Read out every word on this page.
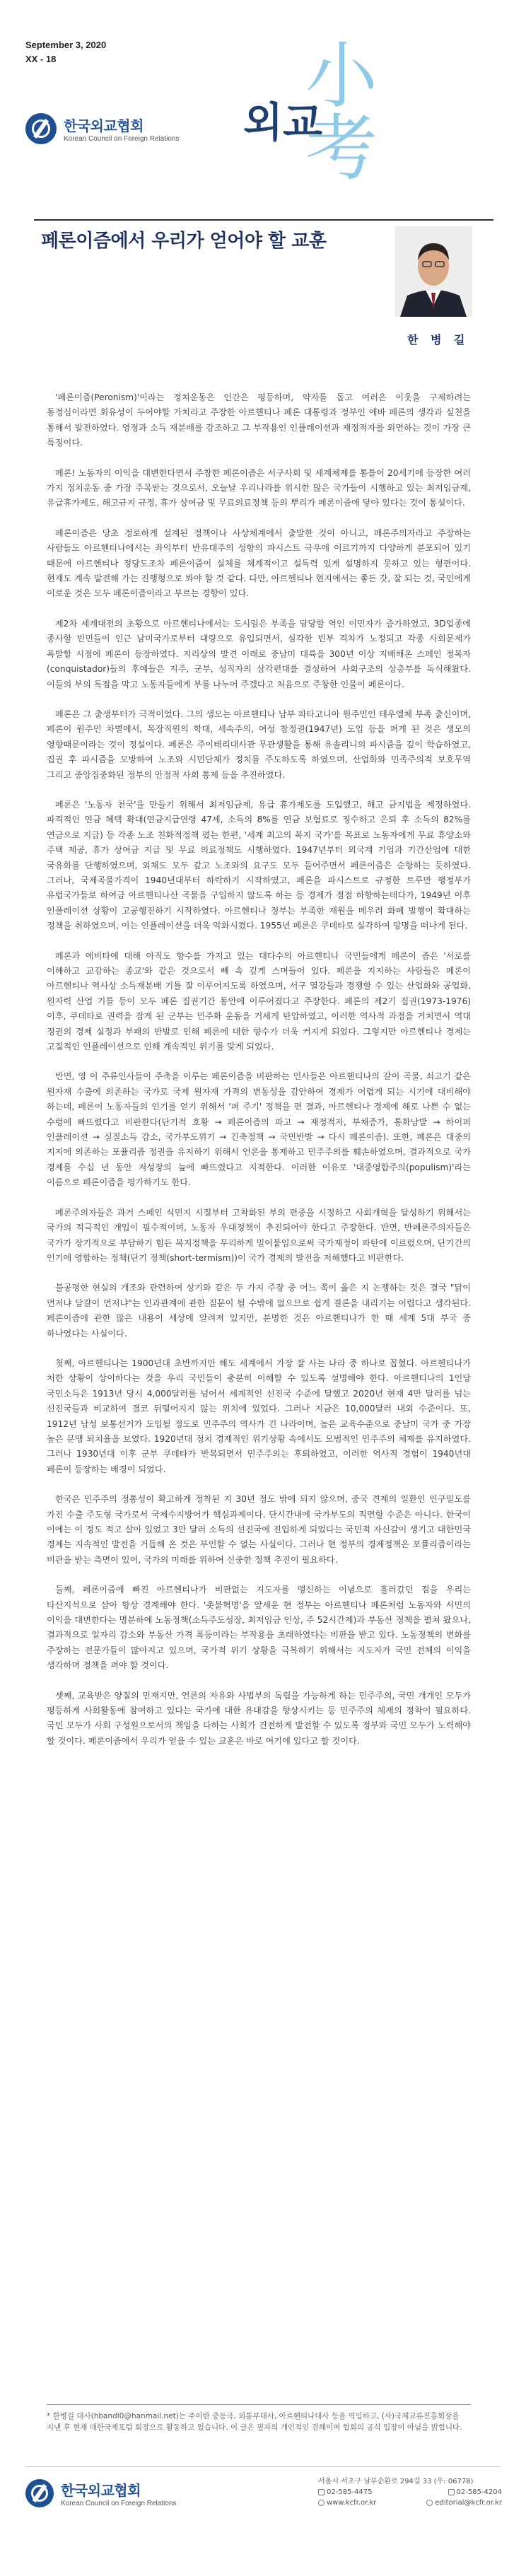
September 3, 2020
XX - 18
한국외교협회
Korean Council on Foreign Relations
小考
외교
페론이즘에서 우리가 얻어야 할 교훈
한 병 길

'페론이즘(Peronism)'이라는 정치운동은 인간은 평등하며, 약자를 돕고 여러은 이웃을 구제하려는 동정심이라면 회유성이 두어야할 가치라고 주장한 아르헨티나 페론 대통령과 정부인 에바 페론의 생각과 실천을 통해서 발전하였다. 영정과 소득 재분배를 강조하고 그 부작용인 인플레이션과 재정적자를 외면하는 것이 가장 큰 특징이다.

페론! 노동자의 이익을 대변한다면서 주창한 페론이즘은 서구사회 및 세계체제를 통틀어 20세기에 등장한 여러 가지 정치운동 중 가장 주목받는 것으로서, 오늘날 우리나라를 위시한 많은 국가들이 시행하고 있는 최저임금제, 유급휴가제도, 해고규지 규정, 휴가 상여금 및 무료의료정책 등의 뿌리가 페론이즘에 닿아 있다는 것이 통설이다.

페론이즘은 당초 정로하게 설계된 정책이나 사상체계에서 출발한 것이 아니고, 페론주의자라고 주장하는 사람들도 아르헨티나에서는 좌익부터 반유대주의 성향의 파시스트 극우에 이르기까지 다양하게 분포되어 있기 때문에 아르헨티나 정당도조차 페론이즘이 실체를 체계적이고 설득력 있게 설명하지 못하고 있는 형편이다. 현재도 계속 발전해 가는 진행형으로 봐야 할 것 같다. 다만, 아르헨티나 현지에서는 좋든 갓, 잘 되는 것, 국민에게 이로운 것은 모두 페론이즘이라고 부르는 경향이 있다.

제2차 세계대전의 초황으로 아르헨티나에서는 도시임은 부족을 담당할 역인 이민자가 증가하였고, 3D업종에 종사할 빈민들이 인근 남미국가로부터 대량으로 유입되면서, 심각한 빈부 격차가 노정되고 각종 사회문제가 폭발할 시점에 페론이 등장하였다. 지리상의 발견 이래로 중남미 대륙을 300년 이상 지배해온 스페인 정복자(conquistador)들의 후예들은 지주, 군부, 성직자의 삼각편대를 결성하여 사회구조의 상층부를 독식해왔다. 이들의 부의 독점을 막고 노동자들에게 부를 나누어 주겠다고 처음으로 주창한 인물이 페론이다.

페론은 그 출생부터가 극적이었다. 그의 생모는 아르헨티나 남부 파타고니아 원주민인 테우엘체 부족 출신이며, 페론이 원주민 차별에서, 목장직원의 학대, 세속주의, 여성 참정권(1947년) 도입 등을 펴게 된 것은 생모의 영향때문이라는 것이 정설이다. 페론은 주이테리대사관 무관생활을 통해 유솔리니의 파시즘을 깊이 학습하였고, 집권 후 파시즘을 모방하여 노조와 시민단체가 정치를 주도하도록 하였으며, 산업화와 민족주의적 보호무역 그리고 중앙집중화된 정부의 안정적 사회 통제 등을 추진하였다.

페론은 '노동자 천국'을 만들기 위해서 최저임금제, 유급 휴가제도를 도입했고, 해고 금지법을 제정하였다. 파격적인 연금 혜택 확대(연금지급연령 47세, 소득의 8%를 연금 보험료로 징수하고 은퇴 후 소득의 82%를 연금으로 지급) 등 각종 노조 친화적정책 폈는 한편, '세계 최고의 복지 국가'를 목표로 노동자에게 무료 휴양소와 주택 제공, 휴가 상여금 지급 및 무료 의료정책도 시행하였다. 1947년부터 외국계 기업과 기간산업에 대한 국유화를 단행하였으며, 외채도 모두 갚고 노조와의 요구도 모두 들어주면서 페론이즘은 순항하는 듯하였다. 그러나, 국제곡물가격이 1940년대부터 하락하기 시작하였고, 페론을 파시스트로 규정한 트루만 행정부가 유럽국가들로 하여금 아르헨티나산 곡물을 구입하지 않도록 하는 등 경제가 점점 하향하는데다가, 1949년 이후 인플레이션 상황이 고공행진하기 시작하였다. 아르헨티나 정부는 부족한 재원을 메우려 화폐 발행이 확대하는 정책을 취하였으며, 이는 인플레이션을 더욱 악화시켰다. 1955년 페론은 쿠데타로 실각하여 망명을 떠나게 된다.

페론과 에비타에 대해 아직도 향수를 가지고 있는 대다수의 아르헨티나 국민들에게 페론이 즘은 '서로를 이해하고 교감하는 종교'와 같은 것으로서 빼 속 깊게 스며들어 있다. 페론을 지지하는 사람들은 페론이 아르헨티나 역사상 소득재분배 기틀 잘 이루어지도록 하였으며, 서구 열강들과 경쟁할 수 있는 산업화와 공업화, 원자력 산업 기틀 등이 모두 페론 집권기간 동안에 이루어졌다고 주장한다. 페론의 제2기 집권(1973-1976) 이후, 쿠데타로 권력을 잡게 된 군부는 민주화 운동을 거세게 탄압하였고, 이러한 역사적 과정을 거치면서 역대 정권의 경제 실정과 부패의 반발로 인해 페론에 대한 향수가 더욱 커지게 되었다. 그렇지만 아르헨티나 경제는 고질적인 인플레이션으로 인해 계속적인 위기를 맞게 되었다.

반면, 영 이 주류인사들이 주축을 이루는 페론이즘을 비판하는 인사들은 아르헨티나의 갈이 곡물, 쇠고기 같은 원자재 수출에 의존하는 국가로 국제 원자재 가격의 변동성을 감안하여 경제가 어렵게 되는 시기에 대비해야 하는데, 페론이 노동자들의 인기를 얻기 위해서 '퍼 주기' 정책을 편 결과, 아르헨티나 경제에 해로 나쁜 수 없는 수렁에 빠뜨렸다고 비판한다(단기적 호황 → 페론이즘의 파고 → 재정적자, 부채증가, 통화남발 → 하이퍼 인플레이션 → 실질소득 감소, 국가부도위기 → 긴축정책 → 국민반발 → 다시 페론이즘). 또한, 페론은 대중의 지지에 의존하는 포퓰리즘 정권을 유지하기 위해서 언론을 통제하고 민주주의를 훼손하였으며, 결과적으로 국가 경제를 수십 년 동안 저성장의 늪에 빠뜨렸다고 지적한다. 이러한 이유로 '대중영합주의(populism)'라는 이름으로 페론이즘을 평가하기도 한다.

페론주의자들은 과거 스페인 식민지 시절부터 고착화된 부의 편중을 시정하고 사회개혁을 달성하기 위해서는 국가의 적극적인 개입이 필수적이며, 노동자 우대정책이 추진되어야 한다고 주장한다. 반면, 반페론주의자들은 국가가 장기적으로 부담하기 힘든 복지정책을 무리하게 밀어붙임으로써 국가재정이 파탄에 이르렀으며, 단기간의 인기에 영합하는 정책(단기 정책(short-termism))이 국가 경제의 발전을 저해했다고 비판한다.

불공평한 현실의 개조와 관련하여 상기와 같은 두 가지 주장 중 어느 쪽이 옳은 지 논쟁하는 것은 결국 "닭이 먼저냐 달걀이 먼저냐"는 인과관계에 관한 질문이 될 수밖에 없으므로 쉽게 결론을 내리기는 어렵다고 생각된다. 페론이즘에 관한 많은 내용이 세상에 알려져 있지만, 분명한 것은 아르헨티나가 한 때 세계 5대 부국 중 하나였다는 사실이다.

첫째, 아르헨티나는 1900년대 초반까지만 해도 세계에서 가장 잘 사는 나라 중 하나로 꼽혔다. 아르헨티나가 처한 상황이 상이하다는 것을 우리 국민들이 충분히 이해할 수 있도록 설명해야 한다. 아르헨티나의 1인당 국민소득은 1913년 당시 4,000달러를 넘어서 세계적인 선진국 수준에 달했고 2020년 현재 4만 달러를 넘는 선진국들과 비교하여 결코 뒤떨어지지 않는 위치에 있었다. 그러나 지금은 10,000달러 내외 수준이다. 또, 1912년 남성 보통선거가 도입될 정도로 민주주의 역사가 긴 나라이며, 높은 교육수준으로 중남미 국가 중 가장 높은 문맹 퇴치율을 보였다. 1920년대 정치 경제적인 위기상황 속에서도 모범적인 민주주의 체제를 유지하였다. 그러나 1930년대 이후 군부 쿠데타가 반복되면서 민주주의는 후퇴하였고, 이러한 역사적 경험이 1940년대 페론이 등장하는 배경이 되었다.

한국은 민주주의 정통성이 확고하게 정착된 지 30년 정도 밖에 되지 않으며, 중국 견제의 일환인 인구밀도를 가진 수출 주도형 국가로서 국제수지방어가 핵심과제이다. 단시간내에 국가부도의 직면할 수준은 아니다. 한국이 이에는 이 정도 적고 살아 있었고 3만 달러 소득의 선진국에 진입하게 되었다는 국민적 자신감이 생기고 대한민국 경제는 지속적인 발전을 거듭해 온 것은 부인할 수 없는 사실이다. 그러나 현 정부의 경제정책은 포퓰리즘이라는 비판을 받는 측면이 있어, 국가의 미래를 위하여 신중한 정책 추진이 필요하다.

둘째, 페론이즘에 빠진 아르헨티나가 비판없는 지도자를 맹신하는 이념으로 흘러갔던 점을 우리는 타산지석으로 삼아 항상 경계해야 한다. '촛불혁명'을 앞세운 현 정부는 아르헨티나 페론처럼 노동자와 서민의 이익을 대변한다는 명분하에 노동정책(소득주도성장, 최저임금 인상, 주 52시간제)과 부동산 정책을 펼쳐 왔으나, 결과적으로 일자리 감소와 부동산 가격 폭등이라는 부작용을 초래하였다는 비판을 받고 있다. 노동정책의 변화를 주장하는 전문가들이 많아지고 있으며, 국가적 위기 상황을 극복하기 위해서는 지도자가 국민 전체의 이익을 생각하며 정책을 펴야 할 것이다.

셋째, 교육받은 양질의 민재지만, 언론의 자유와 사법부의 독립을 가능하게 하는 민주주의, 국민 개개인 모두가 평등하게 사회활동에 참여하고 있다는 국가에 대한 유대감을 향상시키는 등 민주주의 체제의 정착이 필요하다. 국민 모두가 사회 구성원으로서의 책임을 다하는 사회가 건전하게 발전할 수 있도록 정부와 국민 모두가 노력해야 할 것이다. 페론이즘에서 우리가 얻을 수 있는 교훈은 바로 여기에 있다고 할 것이다.

* 한병길 대사(hbandl0@hanmail.net)는 주이란 중동국, 외통부대사, 아르헨티나대사 등을 역임하고, (사)국제교류진흥회장을 지낸 후 현재 대한국제포럼 회장으로 활동하고 있습니다. 이 글은 필자의 개인적인 견해이며 협회의 공식 입장이 아님을 밝힙니다.
한국외교협회
Korean Council on Foreign Relations
서울시 서초구 남부순환로 294길 33 (우: 06778)
02-585-4475	02-585-4204
www.kcfr.or.kr	editorial@kcfr.or.kr
